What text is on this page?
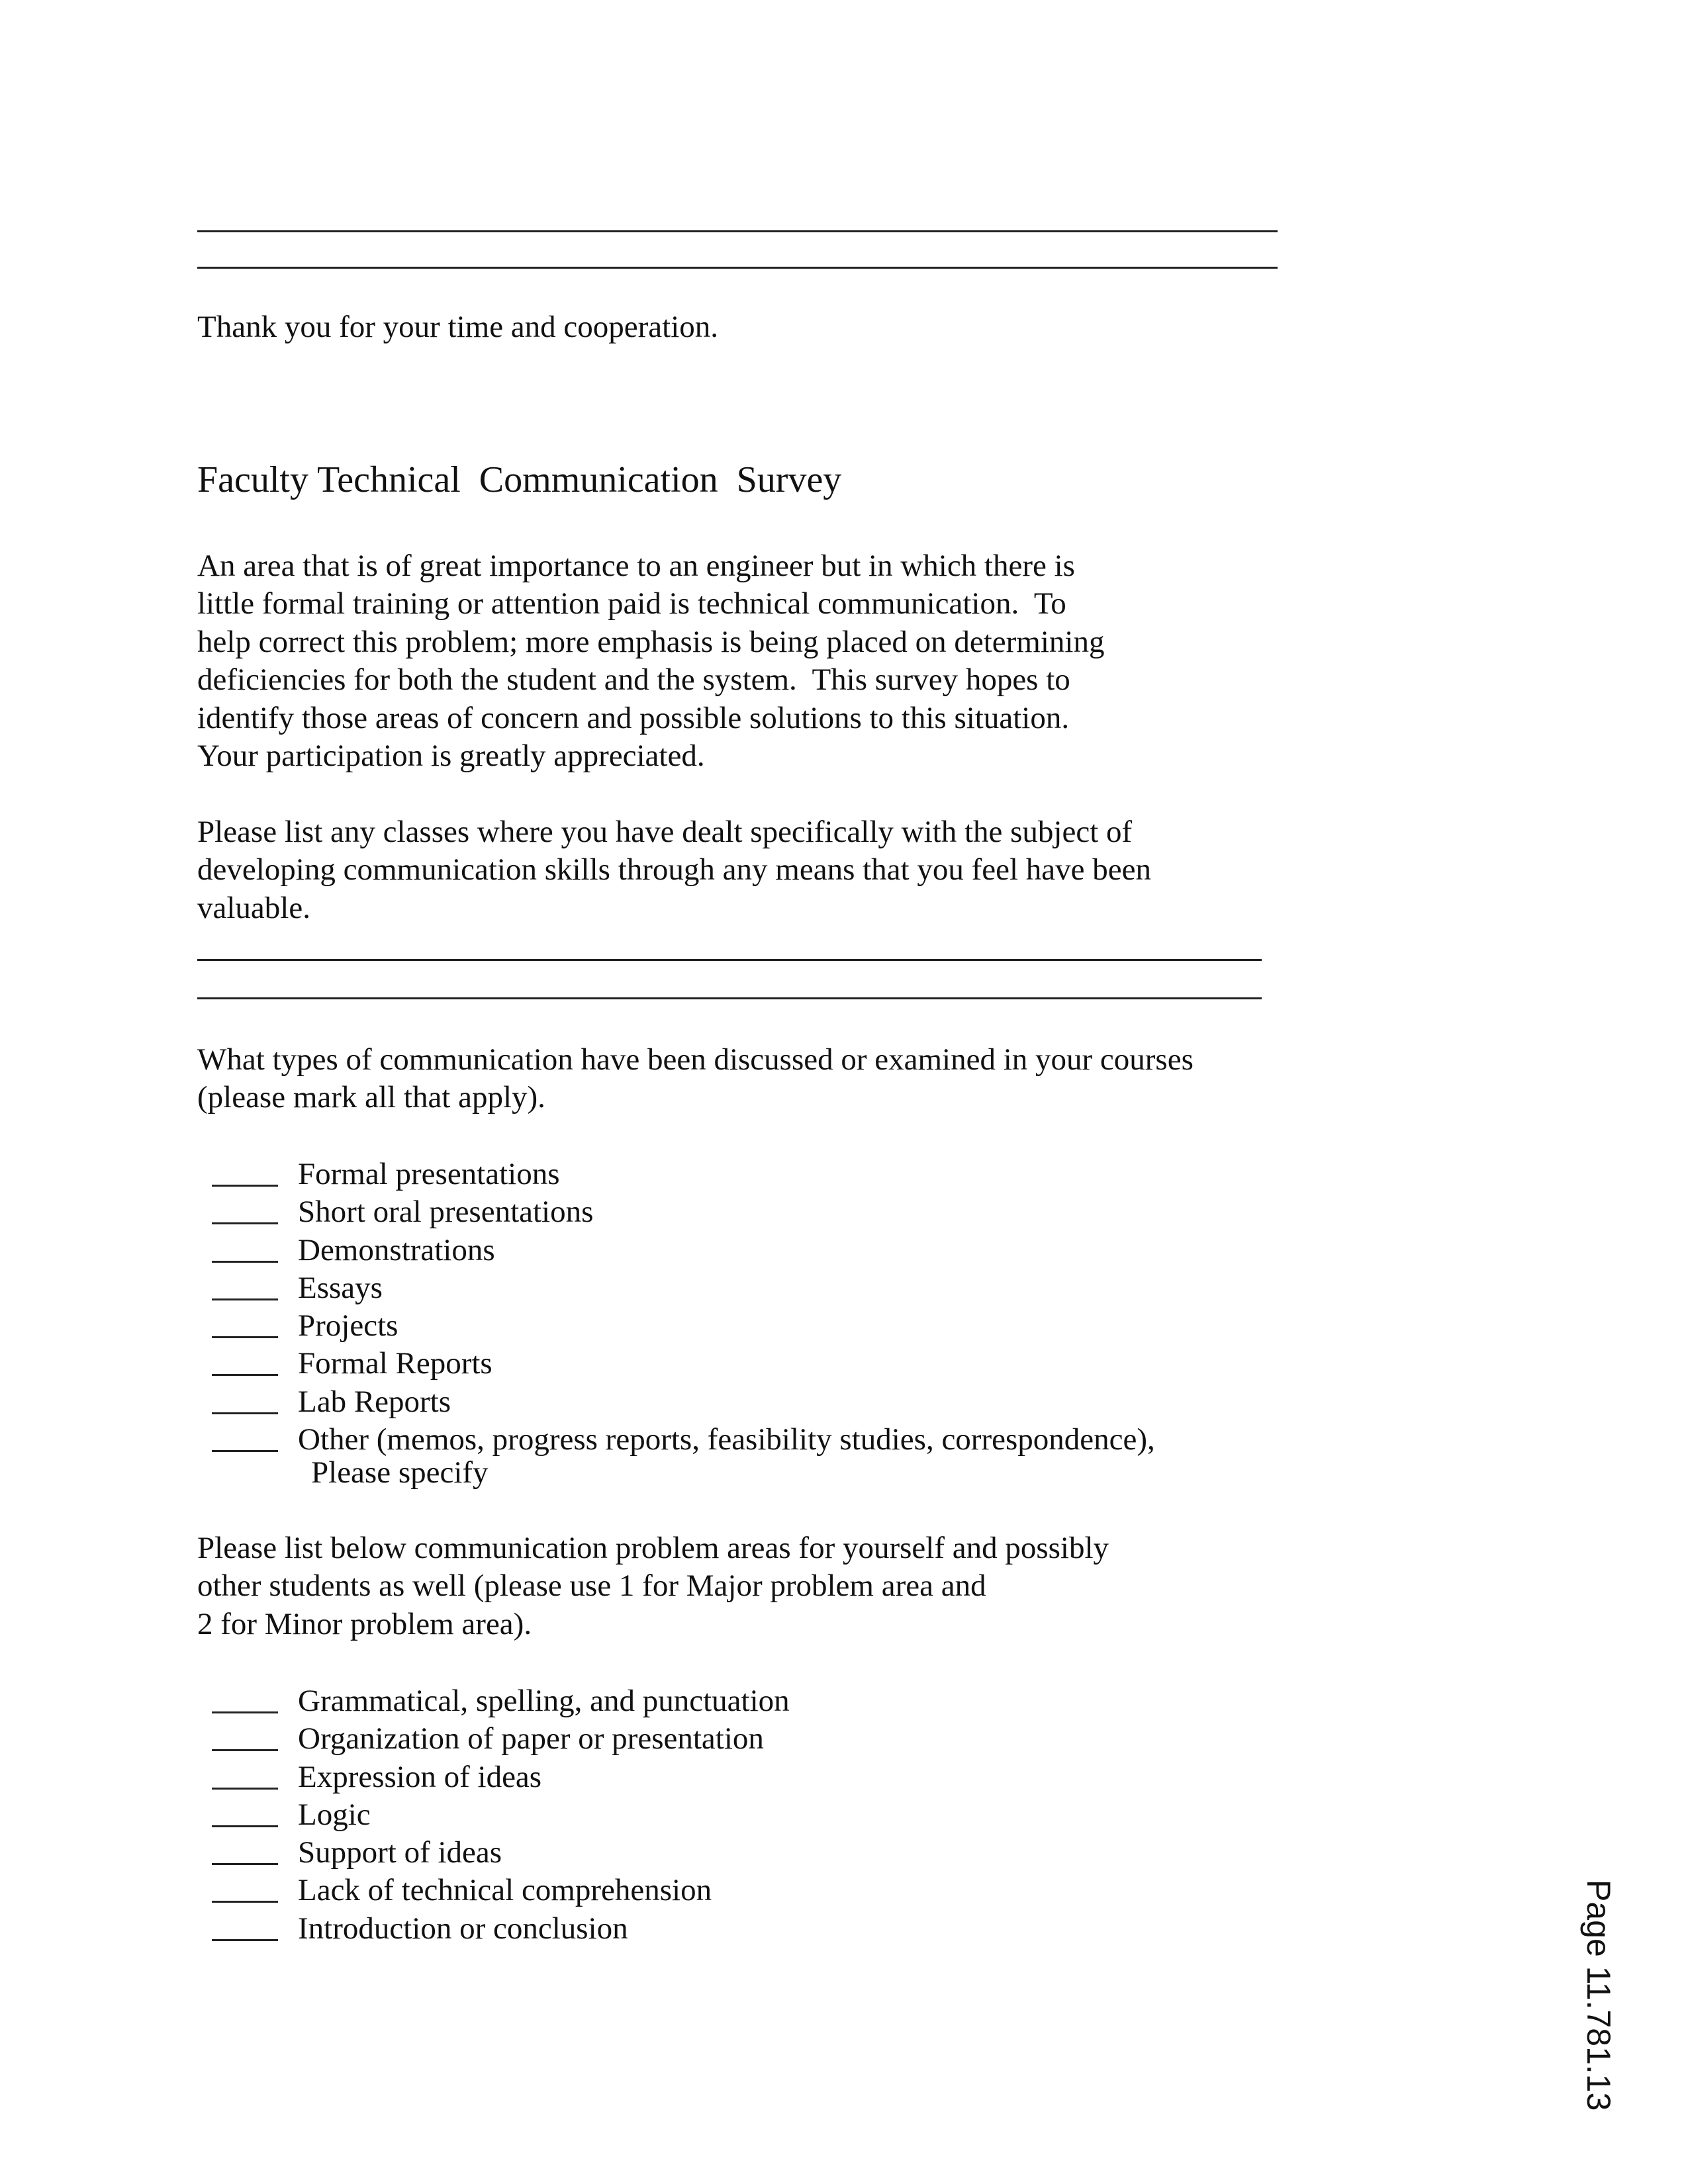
Thank you for your time and cooperation.
Faculty Technical  Communication  Survey
An area that is of great importance to an engineer but in which there is
little formal training or attention paid is technical communication.  To
help correct this problem; more emphasis is being placed on determining
deficiencies for both the student and the system.  This survey hopes to
identify those areas of concern and possible solutions to this situation.
Your participation is greatly appreciated.
Please list any classes where you have dealt specifically with the subject of
developing communication skills through any means that you feel have been
valuable.
What types of communication have been discussed or examined in your courses
(please mark all that apply).
Formal presentations
Short oral presentations
Demonstrations
Essays
Projects
Formal Reports
Lab Reports
Other (memos, progress reports, feasibility studies, correspondence),
Please specify
Please list below communication problem areas for yourself and possibly
other students as well (please use 1 for Major problem area and
2 for Minor problem area).
Grammatical, spelling, and punctuation
Organization of paper or presentation
Expression of ideas
Logic
Support of ideas
Lack of technical comprehension
Introduction or conclusion	Page 11.781.13
